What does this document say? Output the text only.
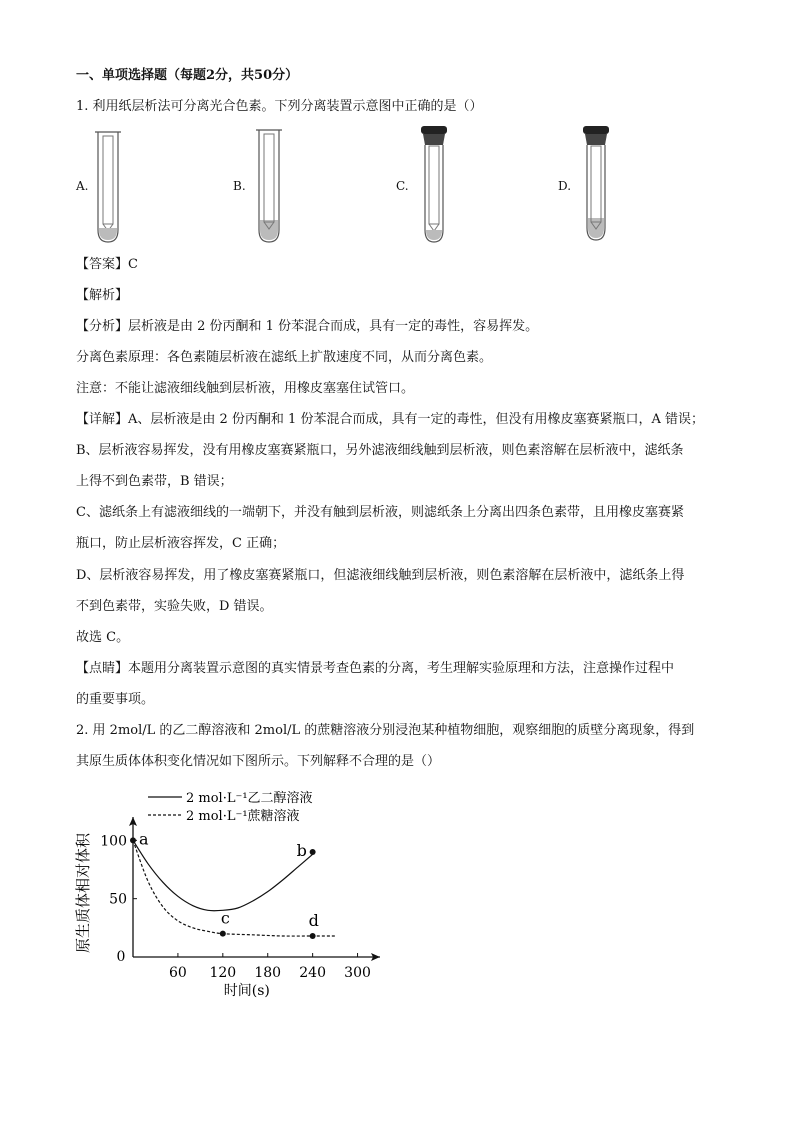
一、单项选择题（每题2分，共50分）
1. 利用纸层析法可分离光合色素。下列分离装置示意图中正确的是（）
A.	B.	C.	D.
【答案】C
【解析】
【分析】层析液是由 2 份丙酮和 1 份苯混合而成，具有一定的毒性，容易挥发。
分离色素原理：各色素随层析液在滤纸上扩散速度不同，从而分离色素。
注意：不能让滤液细线触到层析液，用橡皮塞塞住试管口。
【详解】A、层析液是由 2 份丙酮和 1 份苯混合而成，具有一定的毒性，但没有用橡皮塞赛紧瓶口，A 错误；
B、层析液容易挥发，没有用橡皮塞赛紧瓶口，另外滤液细线触到层析液，则色素溶解在层析液中，滤纸条
上得不到色素带，B 错误；
C、滤纸条上有滤液细线的一端朝下，并没有触到层析液，则滤纸条上分离出四条色素带，且用橡皮塞赛紧
瓶口，防止层析液容挥发，C 正确；
D、层析液容易挥发，用了橡皮塞赛紧瓶口，但滤液细线触到层析液，则色素溶解在层析液中，滤纸条上得
不到色素带，实验失败，D 错误。
故选 C。
【点睛】本题用分离装置示意图的真实情景考查色素的分离，考生理解实验原理和方法，注意操作过程中
的重要事项。
2. 用 2mol/L 的乙二醇溶液和 2mol/L 的蔗糖溶液分别浸泡某种植物细胞，观察细胞的质壁分离现象，得到
其原生质体体积变化情况如下图所示。下列解释不合理的是（）
2 mol·L⁻¹乙二醇溶液
2 mol·L⁻¹蔗糖溶液
原生质体相对体积
时间(s)
0
60 120 180 240 300
100
50
a
b
c	d
